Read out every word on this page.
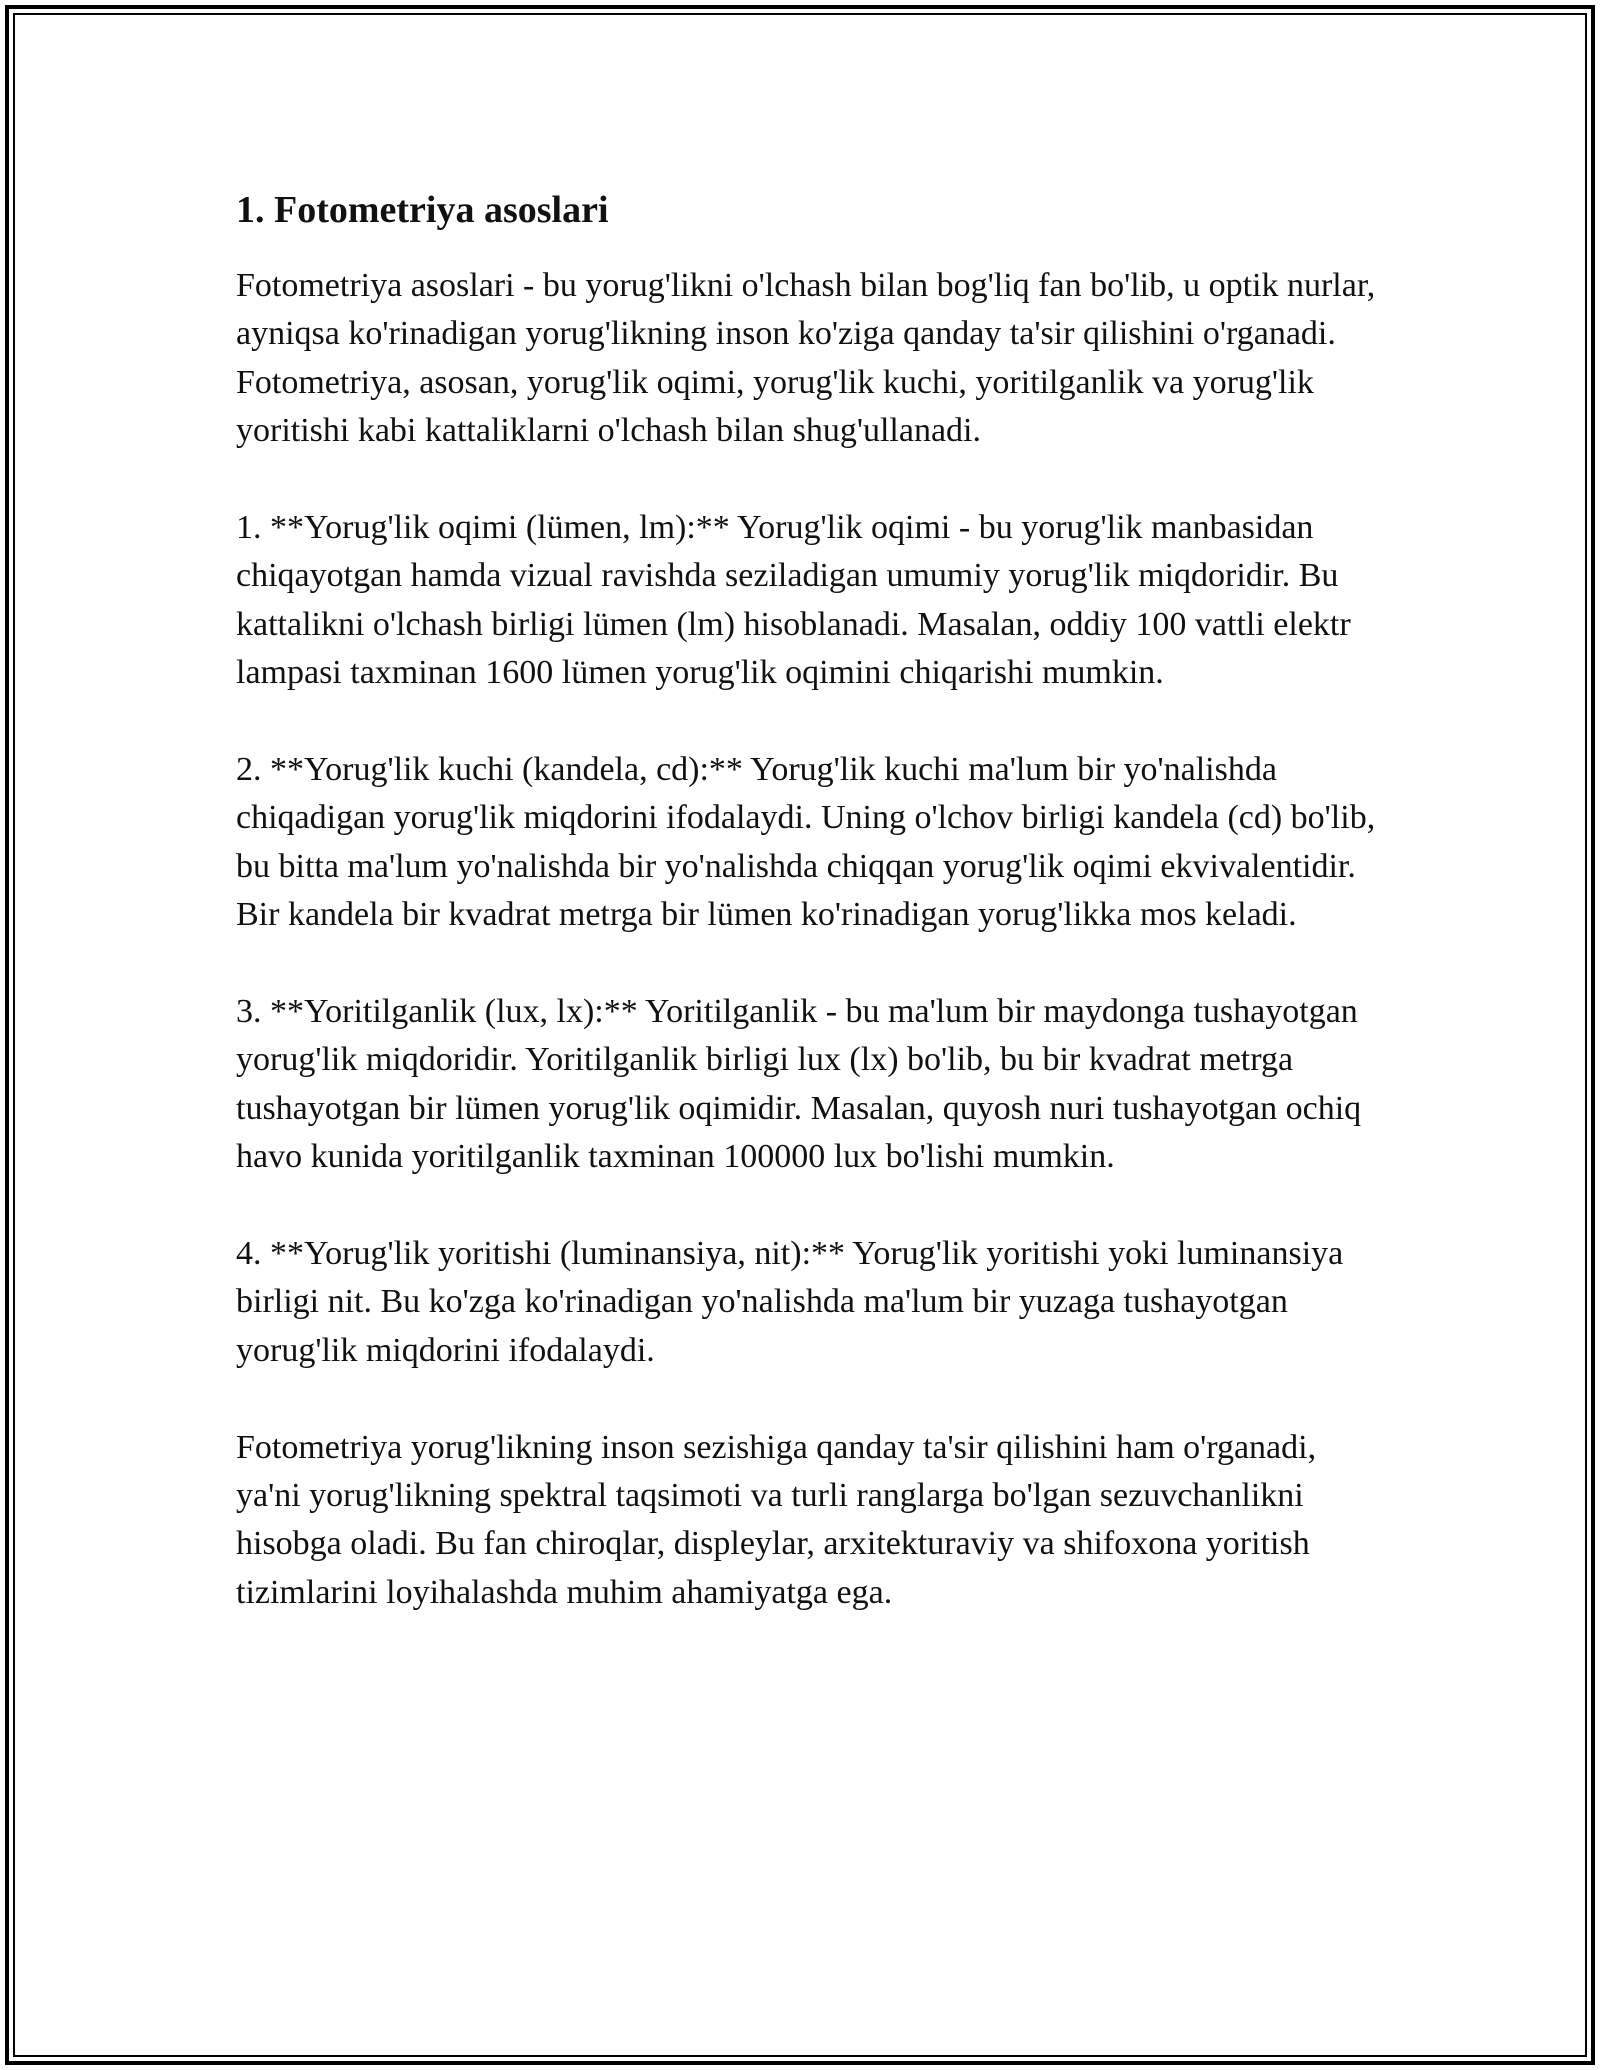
1. Fotometriya asoslari

Fotometriya asoslari - bu yorug'likni o'lchash bilan bog'liq fan bo'lib, u optik nurlar, ayniqsa ko'rinadigan yorug'likning inson ko'ziga qanday ta'sir qilishini o'rganadi. Fotometriya, asosan, yorug'lik oqimi, yorug'lik kuchi, yoritilganlik va yorug'lik yoritishi kabi kattaliklarni o'lchash bilan shug'ullanadi.

1. **Yorug'lik oqimi (lümen, lm):** Yorug'lik oqimi - bu yorug'lik manbasidan chiqayotgan hamda vizual ravishda seziladigan umumiy yorug'lik miqdoridir. Bu kattalikni o'lchash birligi lümen (lm) hisoblanadi. Masalan, oddiy 100 vattli elektr lampasi taxminan 1600 lümen yorug'lik oqimini chiqarishi mumkin.

2. **Yorug'lik kuchi (kandela, cd):** Yorug'lik kuchi ma'lum bir yo'nalishda chiqadigan yorug'lik miqdorini ifodalaydi. Uning o'lchov birligi kandela (cd) bo'lib, bu bitta ma'lum yo'nalishda bir yo'nalishda chiqqan yorug'lik oqimi ekvivalentidir. Bir kandela bir kvadrat metrga bir lümen ko'rinadigan yorug'likka mos keladi.

3. **Yoritilganlik (lux, lx):** Yoritilganlik - bu ma'lum bir maydonga tushayotgan yorug'lik miqdoridir. Yoritilganlik birligi lux (lx) bo'lib, bu bir kvadrat metrga tushayotgan bir lümen yorug'lik oqimidir. Masalan, quyosh nuri tushayotgan ochiq havo kunida yoritilganlik taxminan 100000 lux bo'lishi mumkin.

4. **Yorug'lik yoritishi (luminansiya, nit):** Yorug'lik yoritishi yoki luminansiya birligi nit. Bu ko'zga ko'rinadigan yo'nalishda ma'lum bir yuzaga tushayotgan yorug'lik miqdorini ifodalaydi.

Fotometriya yorug'likning inson sezishiga qanday ta'sir qilishini ham o'rganadi, ya'ni yorug'likning spektral taqsimoti va turli ranglarga bo'lgan sezuvchanlikni hisobga oladi. Bu fan chiroqlar, displeylar, arxitekturaviy va shifoxona yoritish tizimlarini loyihalashda muhim ahamiyatga ega.
